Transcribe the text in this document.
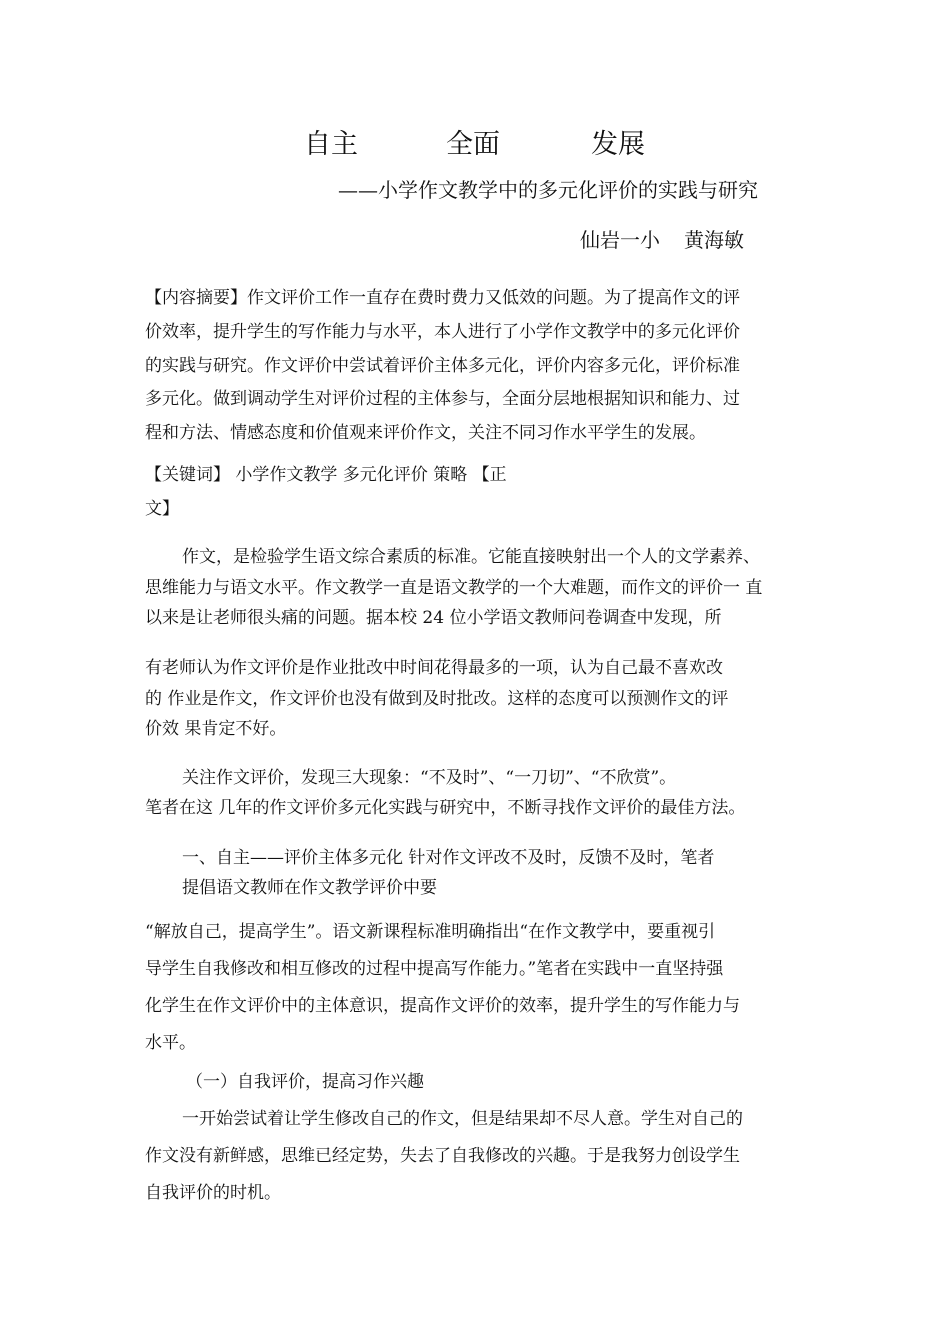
自主	全面	发展
——小学作文教学中的多元化评价的实践与研究
仙岩一小 黄海敏
【内容摘要】作文评价工作一直存在费时费力又低效的问题。为了提高作文的评
价效率，提升学生的写作能力与水平，本人进行了小学作文教学中的多元化评价
的实践与研究。作文评价中尝试着评价主体多元化，评价内容多元化，评价标准
多元化。做到调动学生对评价过程的主体参与，全面分层地根据知识和能力、过
程和方法、情感态度和价值观来评价作文，关注不同习作水平学生的发展。
【关键词】 小学作文教学 多元化评价 策略 【正
文】
作文，是检验学生语文综合素质的标准。它能直接映射出一个人的文学素养、
思维能力与语文水平。作文教学一直是语文教学的一个大难题，而作文的评价一 直
以来是让老师很头痛的问题。据本校 24 位小学语文教师问卷调查中发现，所
有老师认为作文评价是作业批改中时间花得最多的一项，认为自己最不喜欢改
的 作业是作文，作文评价也没有做到及时批改。这样的态度可以预测作文的评
价效 果肯定不好。
关注作文评价，发现三大现象：“不及时”、“一刀切”、“不欣赏”。
笔者在这 几年的作文评价多元化实践与研究中，不断寻找作文评价的最佳方法。
一、自主——评价主体多元化 针对作文评改不及时，反馈不及时，笔者
提倡语文教师在作文教学评价中要
“解放自己，提高学生”。语文新课程标准明确指出“在作文教学中，要重视引
导学生自我修改和相互修改的过程中提高写作能力。”笔者在实践中一直坚持强
化学生在作文评价中的主体意识，提高作文评价的效率，提升学生的写作能力与
水平。
（一）自我评价，提高习作兴趣
一开始尝试着让学生修改自己的作文，但是结果却不尽人意。学生对自己的
作文没有新鲜感，思维已经定势，失去了自我修改的兴趣。于是我努力创设学生
自我评价的时机。
